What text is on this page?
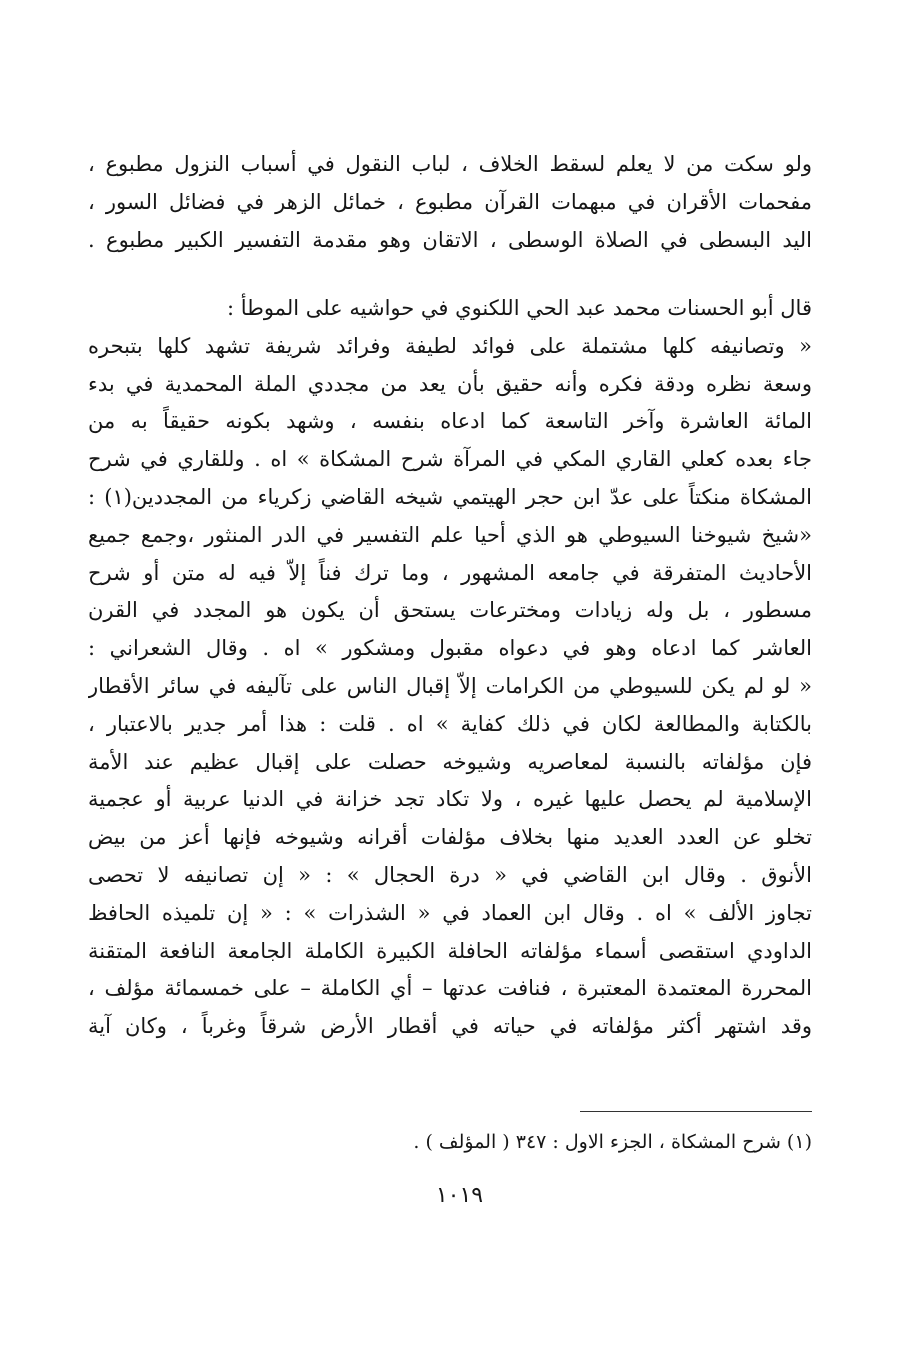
ولو سكت من لا يعلم لسقط الخلاف ، لباب النقول في أسباب النزول مطبوع ،
مفحمات الأقران في مبهمات القرآن مطبوع ، خمائل الزهر في فضائل السور ،
اليد البسطى في الصلاة الوسطى ، الاتقان وهو مقدمة التفسير الكبير مطبوع .
قال أبو الحسنات محمد عبد الحي اللكنوي في حواشيه على الموطأ :
« وتصانيفه كلها مشتملة على فوائد لطيفة وفرائد شريفة تشهد كلها بتبحره
وسعة نظره ودقة فكره وأنه حقيق بأن يعد من مجددي الملة المحمدية في بدء
المائة العاشرة وآخر التاسعة كما ادعاه بنفسه ، وشهد بكونه حقيقاً به من
جاء بعده كعلي القاري المكي في المرآة شرح المشكاة » اه . وللقاري في شرح
المشكاة منكتاً على عدّ ابن حجر الهيتمي شيخه القاضي زكرياء من المجددين(١) :
«شيخ شيوخنا السيوطي هو الذي أحيا علم التفسير في الدر المنثور ،وجمع جميع
الأحاديث المتفرقة في جامعه المشهور ، وما ترك فناً إلاّ فيه له متن أو شرح
مسطور ، بل وله زيادات ومخترعات يستحق أن يكون هو المجدد في القرن
العاشر كما ادعاه وهو في دعواه مقبول ومشكور » اه . وقال الشعراني :
« لو لم يكن للسيوطي من الكرامات إلاّ إقبال الناس على تآليفه في سائر الأقطار
بالكتابة والمطالعة لكان في ذلك كفاية » اه . قلت : هذا أمر جدير بالاعتبار ،
فإن مؤلفاته بالنسبة لمعاصريه وشيوخه حصلت على إقبال عظيم عند الأمة
الإسلامية لم يحصل عليها غيره ، ولا تكاد تجد خزانة في الدنيا عربية أو عجمية
تخلو عن العدد العديد منها بخلاف مؤلفات أقرانه وشيوخه فإنها أعز من بيض
الأنوق . وقال ابن القاضي في « درة الحجال » : « إن تصانيفه لا تحصى
تجاوز الألف » اه . وقال ابن العماد في « الشذرات » : « إن تلميذه الحافظ
الداودي استقصى أسماء مؤلفاته الحافلة الكبيرة الكاملة الجامعة النافعة المتقنة
المحررة المعتمدة المعتبرة ، فنافت عدتها – أي الكاملة – على خمسمائة مؤلف ،
وقد اشتهر أكثر مؤلفاته في حياته في أقطار الأرض شرقاً وغرباً ، وكان آية
(١) شرح المشكاة ، الجزء الاول : ٣٤٧ ( المؤلف ) .
١٠١٩
